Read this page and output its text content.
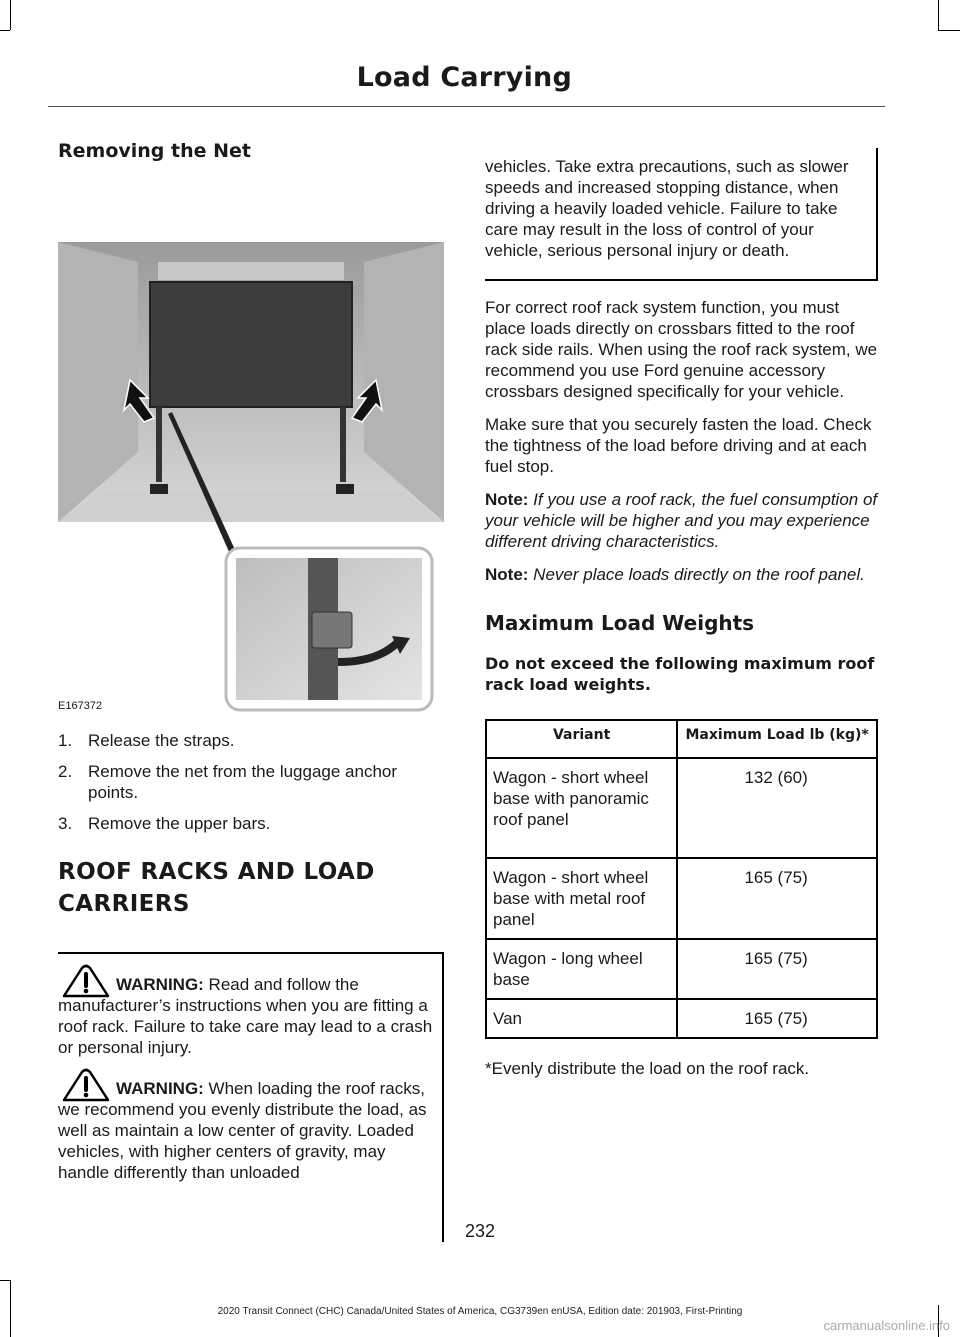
Load Carrying
Removing the Net
E167372
1. Release the straps.
2. Remove the net from the luggage anchor points.
3. Remove the upper bars.
ROOF RACKS AND LOAD CARRIERS

WARNING: Read and follow the manufacturer’s instructions when you are fitting a roof rack. Failure to take care may lead to a crash or personal injury.

WARNING: When loading the roof racks, we recommend you evenly distribute the load, as well as maintain a low center of gravity. Loaded vehicles, with higher centers of gravity, may handle differently than unloaded

vehicles. Take extra precautions, such as slower speeds and increased stopping distance, when driving a heavily loaded vehicle. Failure to take care may result in the loss of control of your vehicle, serious personal injury or death.

For correct roof rack system function, you must place loads directly on crossbars fitted to the roof rack side rails. When using the roof rack system, we recommend you use Ford genuine accessory crossbars designed specifically for your vehicle.

Make sure that you securely fasten the load. Check the tightness of the load before driving and at each fuel stop.

Note: If you use a roof rack, the fuel consumption of your vehicle will be higher and you may experience different driving characteristics.

Note: Never place loads directly on the roof panel.

Maximum Load Weights

Do not exceed the following maximum roof rack load weights.

Variant	Maximum Load lb (kg)*
Wagon - short wheel base with panoramic roof panel	132 (60)
Wagon - short wheel base with metal roof panel	165 (75)
Wagon - long wheel base	165 (75)
Van	165 (75)

*Evenly distribute the load on the roof rack.

232
2020 Transit Connect (CHC) Canada/United States of America, CG3739en enUSA, Edition date: 201903, First-Printing
carmanualsonline.info
